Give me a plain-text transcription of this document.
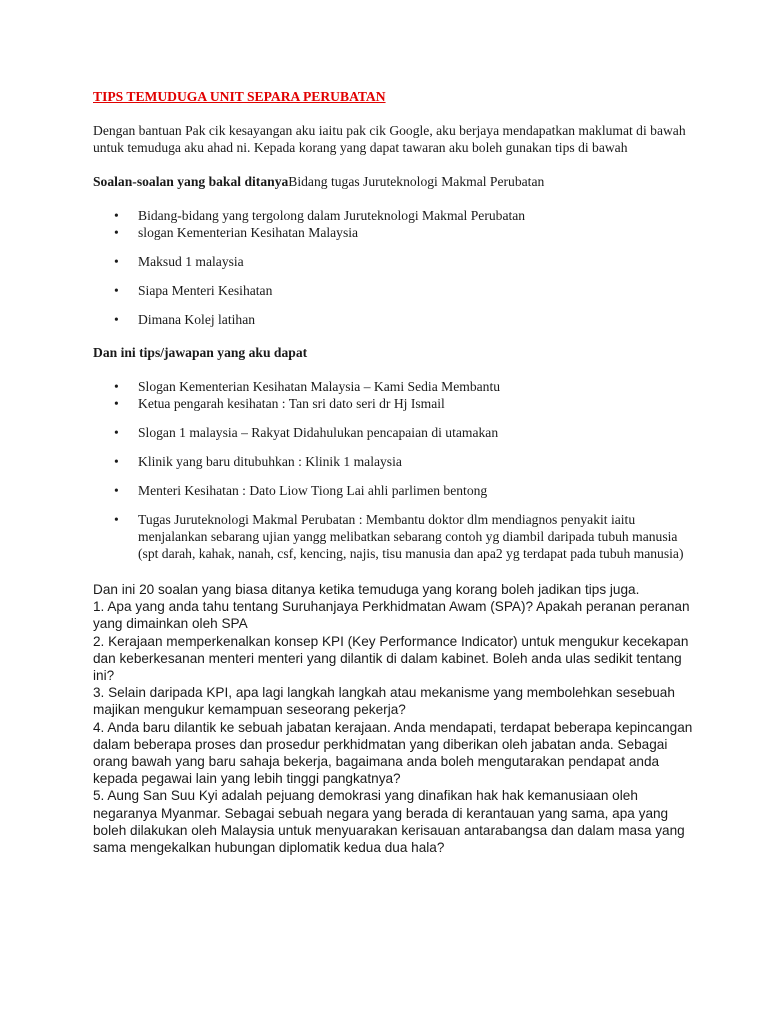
TIPS TEMUDUGA UNIT SEPARA PERUBATAN
Dengan bantuan Pak cik kesayangan aku iaitu pak cik Google, aku berjaya mendapatkan maklumat di bawah untuk temuduga aku ahad ni. Kepada korang yang dapat tawaran aku boleh gunakan tips di bawah
Soalan-soalan yang bakal ditanyaBidang tugas Juruteknologi Makmal Perubatan
• Bidang-bidang yang tergolong dalam Juruteknologi Makmal Perubatan
• slogan Kementerian Kesihatan Malaysia
• Maksud 1 malaysia
• Siapa Menteri Kesihatan
• Dimana Kolej latihan
Dan ini tips/jawapan yang aku dapat
• Slogan Kementerian Kesihatan Malaysia – Kami Sedia Membantu
• Ketua pengarah kesihatan : Tan sri dato seri dr Hj Ismail
• Slogan 1 malaysia – Rakyat Didahulukan pencapaian di utamakan
• Klinik yang baru ditubuhkan : Klinik 1 malaysia
• Menteri Kesihatan : Dato Liow Tiong Lai ahli parlimen bentong
• Tugas Juruteknologi Makmal Perubatan : Membantu doktor dlm mendiagnos penyakit iaitu menjalankan sebarang ujian yangg melibatkan sebarang contoh yg diambil daripada tubuh manusia (spt darah, kahak, nanah, csf, kencing, najis, tisu manusia dan apa2 yg terdapat pada tubuh manusia)
Dan ini 20 soalan yang biasa ditanya ketika temuduga yang korang boleh jadikan tips juga.
1. Apa yang anda tahu tentang Suruhanjaya Perkhidmatan Awam (SPA)? Apakah peranan peranan yang dimainkan oleh SPA
2. Kerajaan memperkenalkan konsep KPI (Key Performance Indicator) untuk mengukur kecekapan dan keberkesanan menteri menteri yang dilantik di dalam kabinet. Boleh anda ulas sedikit tentang ini?
3. Selain daripada KPI, apa lagi langkah langkah atau mekanisme yang membolehkan sesebuah majikan mengukur kemampuan seseorang pekerja?
4. Anda baru dilantik ke sebuah jabatan kerajaan. Anda mendapati, terdapat beberapa kepincangan dalam beberapa proses dan prosedur perkhidmatan yang diberikan oleh jabatan anda. Sebagai orang bawah yang baru sahaja bekerja, bagaimana anda boleh mengutarakan pendapat anda kepada pegawai lain yang lebih tinggi pangkatnya?
5. Aung San Suu Kyi adalah pejuang demokrasi yang dinafikan hak hak kemanusiaan oleh negaranya Myanmar. Sebagai sebuah negara yang berada di kerantauan yang sama, apa yang boleh dilakukan oleh Malaysia untuk menyuarakan kerisauan antarabangsa dan dalam masa yang sama mengekalkan hubungan diplomatik kedua dua hala?
